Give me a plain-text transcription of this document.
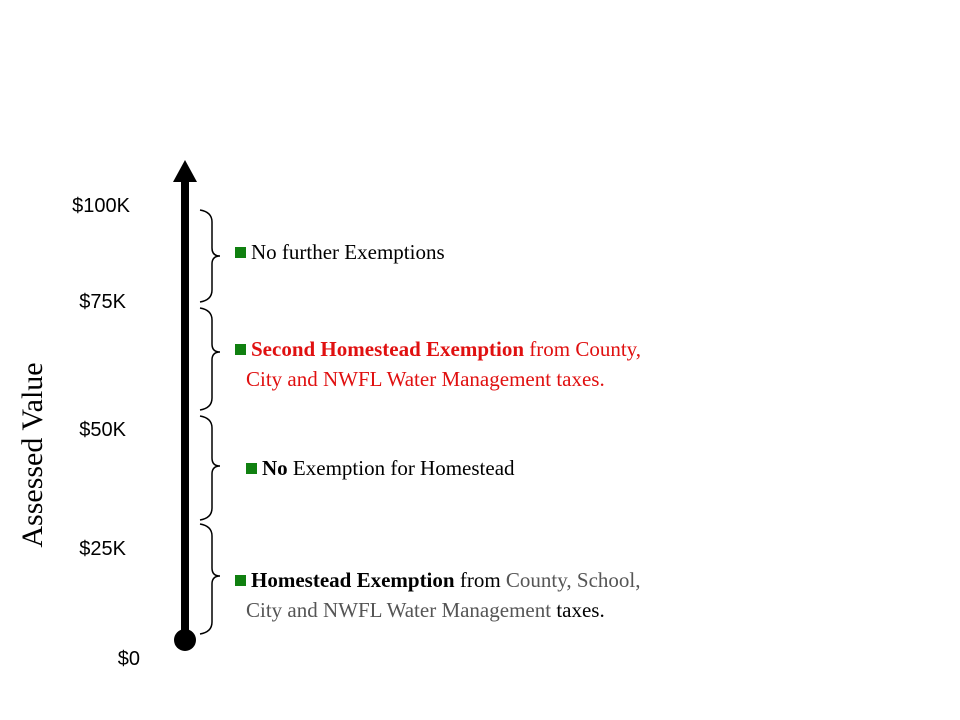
$100K
$75K
$50K
$25K
$0
Assessed Value
No further Exemptions
Second Homestead Exemption from County,
City and NWFL Water Management taxes.
No Exemption for Homestead
Homestead Exemption from County, School,
City and NWFL Water Management taxes.
